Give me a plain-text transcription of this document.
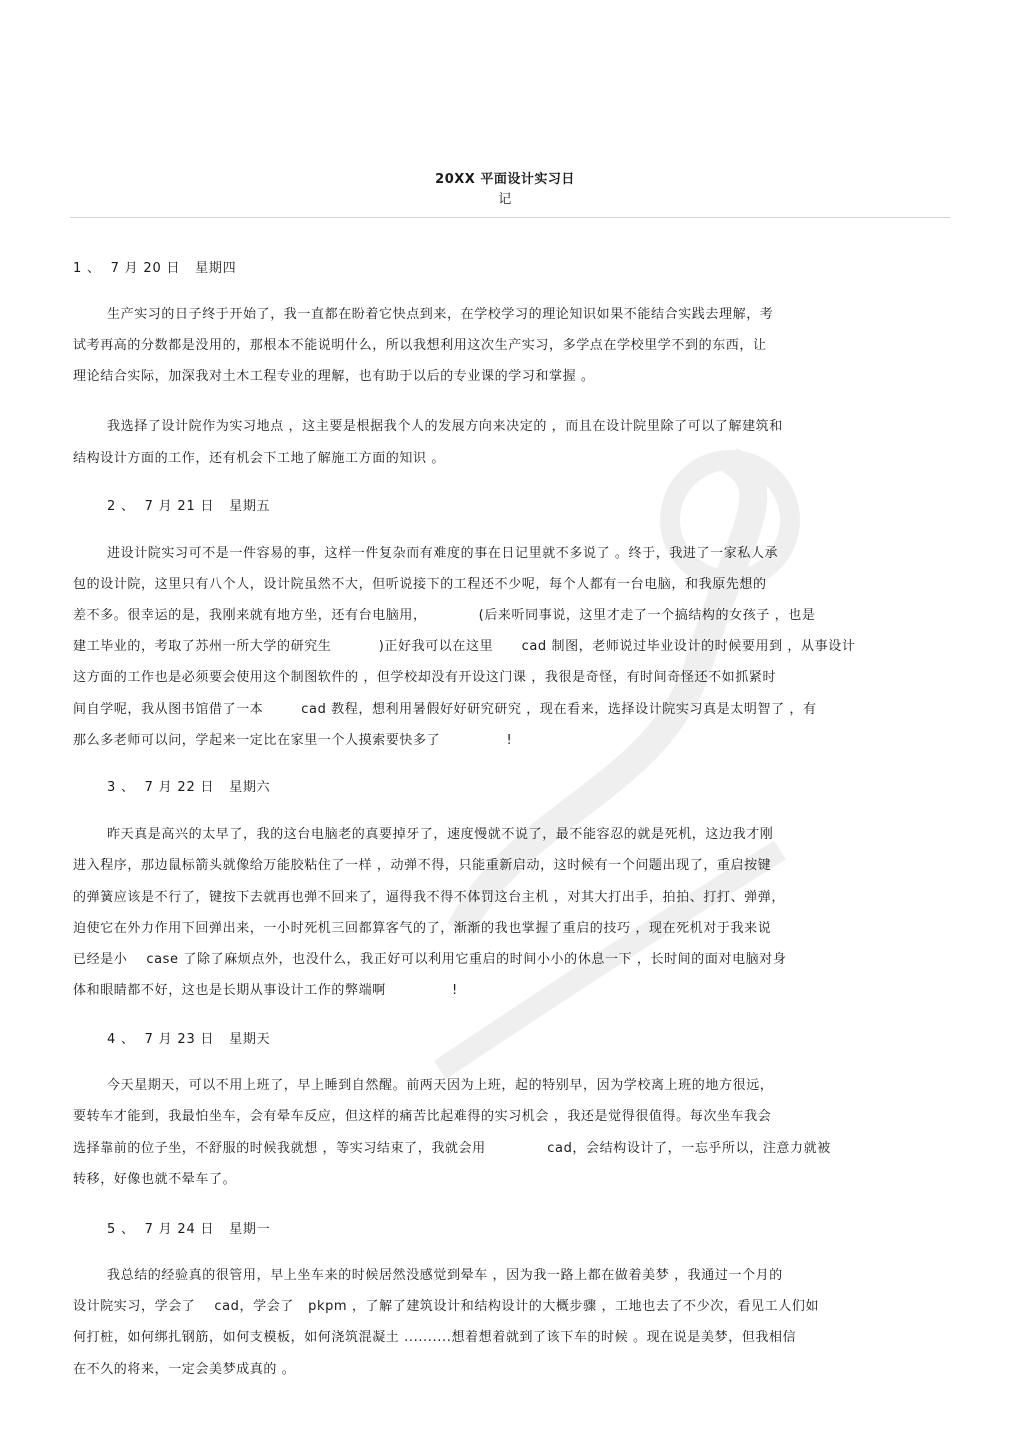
20XX 平面设计实习日
记
1 、  7 月 20 日   星期四
生产实习的日子终于开始了，我一直都在盼着它快点到来，在学校学习的理论知识如果不能结合实践去理解，考
试考再高的分数都是没用的，那根本不能说明什么，所以我想利用这次生产实习，多学点在学校里学不到的东西，让
理论结合实际，加深我对土木工程专业的理解，也有助于以后的专业课的学习和掌握 。
我选择了设计院作为实习地点 ，这主要是根据我个人的发展方向来决定的 ，而且在设计院里除了可以了解建筑和
结构设计方面的工作，还有机会下工地了解施工方面的知识 。
2 、  7 月 21 日   星期五
进设计院实习可不是一件容易的事，这样一件复杂而有难度的事在日记里就不多说了 。终于，我进了一家私人承
包的设计院，这里只有八个人，设计院虽然不大，但听说接下的工程还不少呢，每个人都有一台电脑，和我原先想的
差不多。很幸运的是，我刚来就有地方坐，还有台电脑用，           (后来听同事说，这里才走了一个搞结构的女孩子 ，也是
建工毕业的，考取了苏州一所大学的研究生          )正好我可以在这里      cad 制图，老师说过毕业设计的时候要用到 ，从事设计
这方面的工作也是必须要会使用这个制图软件的 ，但学校却没有开设这门课 ，我很是奇怪，有时间奇怪还不如抓紧时
间自学呢，我从图书馆借了一本        cad 教程，想利用暑假好好研究研究 ，现在看来，选择设计院实习真是太明智了 ，有
那么多老师可以问，学起来一定比在家里一个人摸索要快多了              !
3 、  7 月 22 日   星期六
昨天真是高兴的太早了，我的这台电脑老的真要掉牙了，速度慢就不说了，最不能容忍的就是死机，这边我才刚
进入程序，那边鼠标箭头就像给万能胶粘住了一样 ，动弹不得，只能重新启动，这时候有一个问题出现了，重启按键
的弹簧应该是不行了，键按下去就再也弹不回来了，逼得我不得不体罚这台主机 ，对其大打出手，拍拍、打打、弹弹，
迫使它在外力作用下回弹出来，一小时死机三回都算客气的了，渐渐的我也掌握了重启的技巧 ，现在死机对于我来说
已经是小    case 了除了麻烦点外，也没什么，我正好可以利用它重启的时间小小的休息一下 ，长时间的面对电脑对身
体和眼睛都不好，这也是长期从事设计工作的弊端啊              !
4 、  7 月 23 日   星期天
今天星期天，可以不用上班了，早上睡到自然醒。前两天因为上班，起的特别早，因为学校离上班的地方很远，
要转车才能到，我最怕坐车，会有晕车反应，但这样的痛苦比起难得的实习机会 ，我还是觉得很值得。每次坐车我会
选择靠前的位子坐，不舒服的时候我就想 ，等实习结束了，我就会用             cad，会结构设计了，一忘乎所以，注意力就被
转移，好像也就不晕车了。
5 、  7 月 24 日   星期一
我总结的经验真的很管用，早上坐车来的时候居然没感觉到晕车 ，因为我一路上都在做着美梦 ，我通过一个月的
设计院实习，学会了    cad，学会了   pkpm ，了解了建筑设计和结构设计的大概步骤 ，工地也去了不少次，看见工人们如
何打桩，如何绑扎钢筋，如何支模板，如何浇筑混凝土 ..........想着想着就到了该下车的时候 。现在说是美梦，但我相信
在不久的将来，一定会美梦成真的 。
